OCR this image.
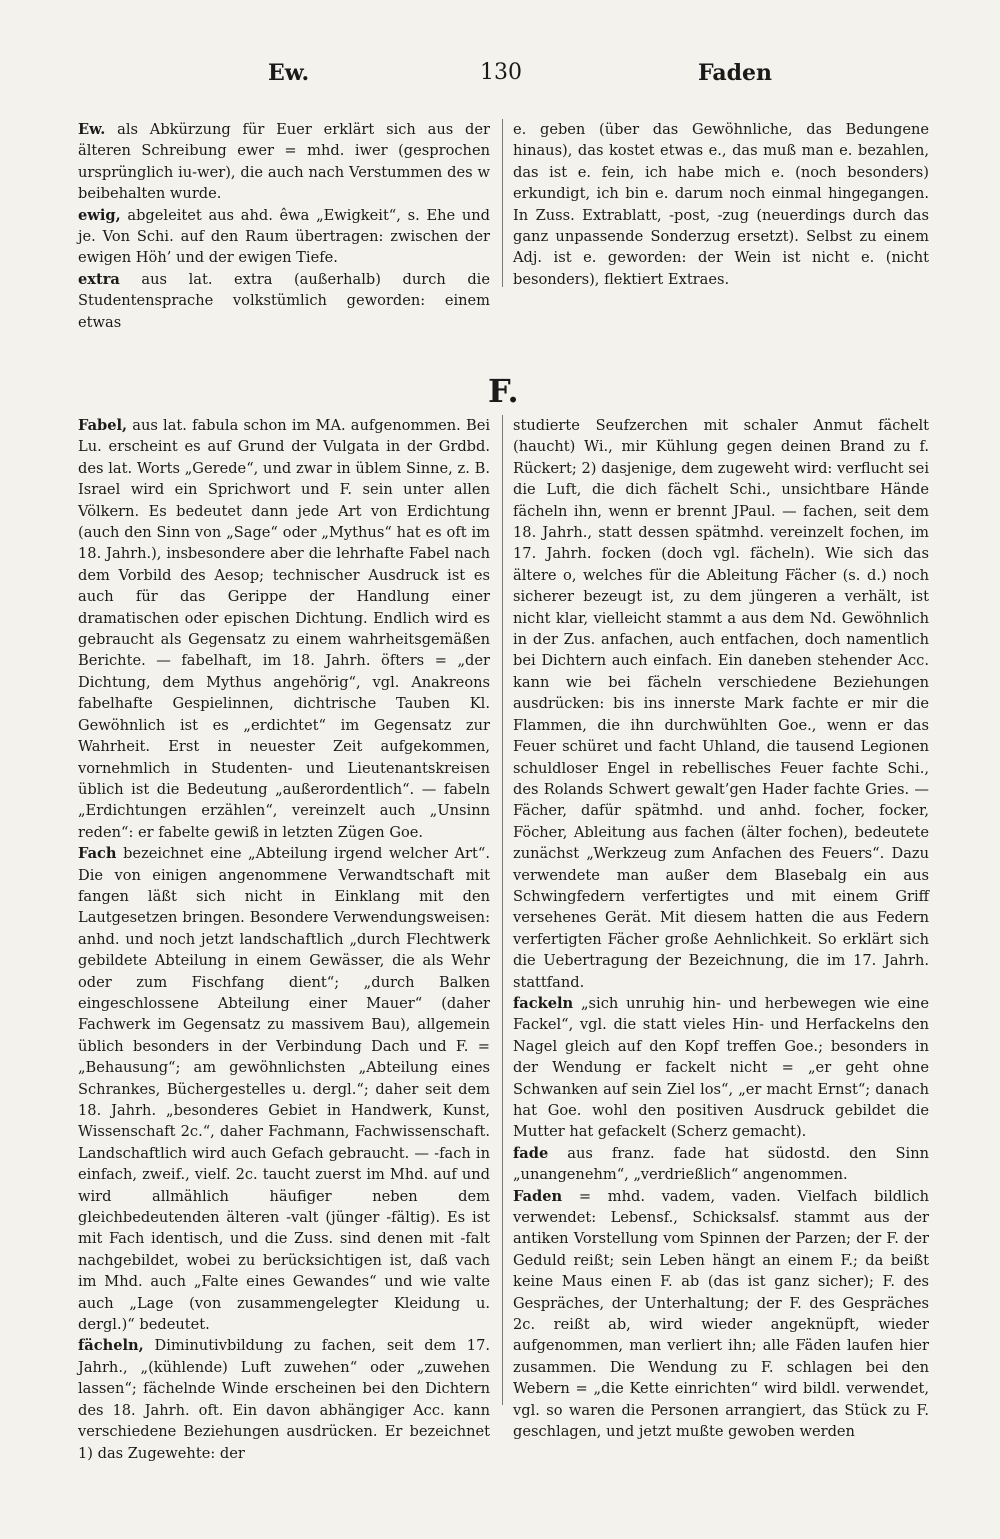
Ew.	130	Faden

Ew. als Abkürzung für Euer erklärt sich aus der älteren Schreibung ewer = mhd. iwer (gesprochen ursprünglich iu-wer), die auch nach Verstummen des w beibehalten wurde.

ewig, abgeleitet aus ahd. êwa „Ewigkeit“, s. Ehe und je. Von Schi. auf den Raum übertragen: zwischen der ewigen Höh’ und der ewigen Tiefe.

extra aus lat. extra (außerhalb) durch die Studentensprache volkstümlich geworden: einem etwas

e. geben (über das Gewöhnliche, das Bedungene hinaus), das kostet etwas e., das muß man e. bezahlen, das ist e. fein, ich habe mich e. (noch besonders) erkundigt, ich bin e. darum noch einmal hingegangen. In Zuss. Extrablatt, -post, -zug (neuerdings durch das ganz unpassende Sonderzug ersetzt). Selbst zu einem Adj. ist e. geworden: der Wein ist nicht e. (nicht besonders), flektiert Extraes.

F.

Fabel, aus lat. fabula schon im MA. aufgenommen. Bei Lu. erscheint es auf Grund der Vulgata in der Grdbd. des lat. Worts „Gerede“, und zwar in üblem Sinne, z. B. Israel wird ein Sprichwort und F. sein unter allen Völkern. Es bedeutet dann jede Art von Erdichtung (auch den Sinn von „Sage“ oder „Mythus“ hat es oft im 18. Jahrh.), insbesondere aber die lehrhafte Fabel nach dem Vorbild des Aesop; technischer Ausdruck ist es auch für das Gerippe der Handlung einer dramatischen oder epischen Dichtung. Endlich wird es gebraucht als Gegensatz zu einem wahrheitsgemäßen Berichte. — fabelhaft, im 18. Jahrh. öfters = „der Dichtung, dem Mythus angehörig“, vgl. Anakreons fabelhafte Gespielinnen, dichtrische Tauben Kl. Gewöhnlich ist es „erdichtet“ im Gegensatz zur Wahrheit. Erst in neuester Zeit aufgekommen, vornehmlich in Studenten- und Lieutenantskreisen üblich ist die Bedeutung „außerordentlich“. — fabeln „Erdichtungen erzählen“, vereinzelt auch „Unsinn reden“: er fabelte gewiß in letzten Zügen Goe.

Fach bezeichnet eine „Abteilung irgend welcher Art“. Die von einigen angenommene Verwandtschaft mit fangen läßt sich nicht in Einklang mit den Lautgesetzen bringen. Besondere Verwendungsweisen: anhd. und noch jetzt landschaftlich „durch Flechtwerk gebildete Abteilung in einem Gewässer, die als Wehr oder zum Fischfang dient“; „durch Balken eingeschlossene Abteilung einer Mauer“ (daher Fachwerk im Gegensatz zu massivem Bau), allgemein üblich besonders in der Verbindung Dach und F. = „Behausung“; am gewöhnlichsten „Abteilung eines Schrankes, Büchergestelles u. dergl.“; daher seit dem 18. Jahrh. „besonderes Gebiet in Handwerk, Kunst, Wissenschaft 2c.“, daher Fachmann, Fachwissenschaft. Landschaftlich wird auch Gefach gebraucht. — -fach in einfach, zweif., vielf. 2c. taucht zuerst im Mhd. auf und wird allmählich häufiger neben dem gleichbedeutenden älteren -valt (jünger -fältig). Es ist mit Fach identisch, und die Zuss. sind denen mit -falt nachgebildet, wobei zu berücksichtigen ist, daß vach im Mhd. auch „Falte eines Gewandes“ und wie valte auch „Lage (von zusammengelegter Kleidung u. dergl.)“ bedeutet.

fächeln, Diminutivbildung zu fachen, seit dem 17. Jahrh., „(kühlende) Luft zuwehen“ oder „zuwehen lassen“; fächelnde Winde erscheinen bei den Dichtern des 18. Jahrh. oft. Ein davon abhängiger Acc. kann verschiedene Beziehungen ausdrücken. Er bezeichnet 1) das Zugewehte: der

studierte Seufzerchen mit schaler Anmut fächelt (haucht) Wi., mir Kühlung gegen deinen Brand zu f. Rückert; 2) dasjenige, dem zugeweht wird: verflucht sei die Luft, die dich fächelt Schi., unsichtbare Hände fächeln ihn, wenn er brennt JPaul. — fachen, seit dem 18. Jahrh., statt dessen spätmhd. vereinzelt fochen, im 17. Jahrh. focken (doch vgl. fächeln). Wie sich das ältere o, welches für die Ableitung Fächer (s. d.) noch sicherer bezeugt ist, zu dem jüngeren a verhält, ist nicht klar, vielleicht stammt a aus dem Nd. Gewöhnlich in der Zus. anfachen, auch entfachen, doch namentlich bei Dichtern auch einfach. Ein daneben stehender Acc. kann wie bei fächeln verschiedene Beziehungen ausdrücken: bis ins innerste Mark fachte er mir die Flammen, die ihn durchwühlten Goe., wenn er das Feuer schüret und facht Uhland, die tausend Legionen schuldloser Engel in rebellisches Feuer fachte Schi., des Rolands Schwert gewalt’gen Hader fachte Gries. — Fächer, dafür spätmhd. und anhd. focher, focker, Föcher, Ableitung aus fachen (älter fochen), bedeutete zunächst „Werkzeug zum Anfachen des Feuers“. Dazu verwendete man außer dem Blasebalg ein aus Schwingfedern verfertigtes und mit einem Griff versehenes Gerät. Mit diesem hatten die aus Federn verfertigten Fächer große Aehnlichkeit. So erklärt sich die Uebertragung der Bezeichnung, die im 17. Jahrh. stattfand.

fackeln „sich unruhig hin- und herbewegen wie eine Fackel“, vgl. die statt vieles Hin- und Herfackelns den Nagel gleich auf den Kopf treffen Goe.; besonders in der Wendung er fackelt nicht = „er geht ohne Schwanken auf sein Ziel los“, „er macht Ernst“; danach hat Goe. wohl den positiven Ausdruck gebildet die Mutter hat gefackelt (Scherz gemacht).

fade aus franz. fade hat südostd. den Sinn „unangenehm“, „verdrießlich“ angenommen.

Faden = mhd. vadem, vaden. Vielfach bildlich verwendet: Lebensf., Schicksalsf. stammt aus der antiken Vorstellung vom Spinnen der Parzen; der F. der Geduld reißt; sein Leben hängt an einem F.; da beißt keine Maus einen F. ab (das ist ganz sicher); F. des Gespräches, der Unterhaltung; der F. des Gespräches 2c. reißt ab, wird wieder angeknüpft, wieder aufgenommen, man verliert ihn; alle Fäden laufen hier zusammen. Die Wendung zu F. schlagen bei den Webern = „die Kette einrichten“ wird bildl. verwendet, vgl. so waren die Personen arrangiert, das Stück zu F. geschlagen, und jetzt mußte gewoben werden
